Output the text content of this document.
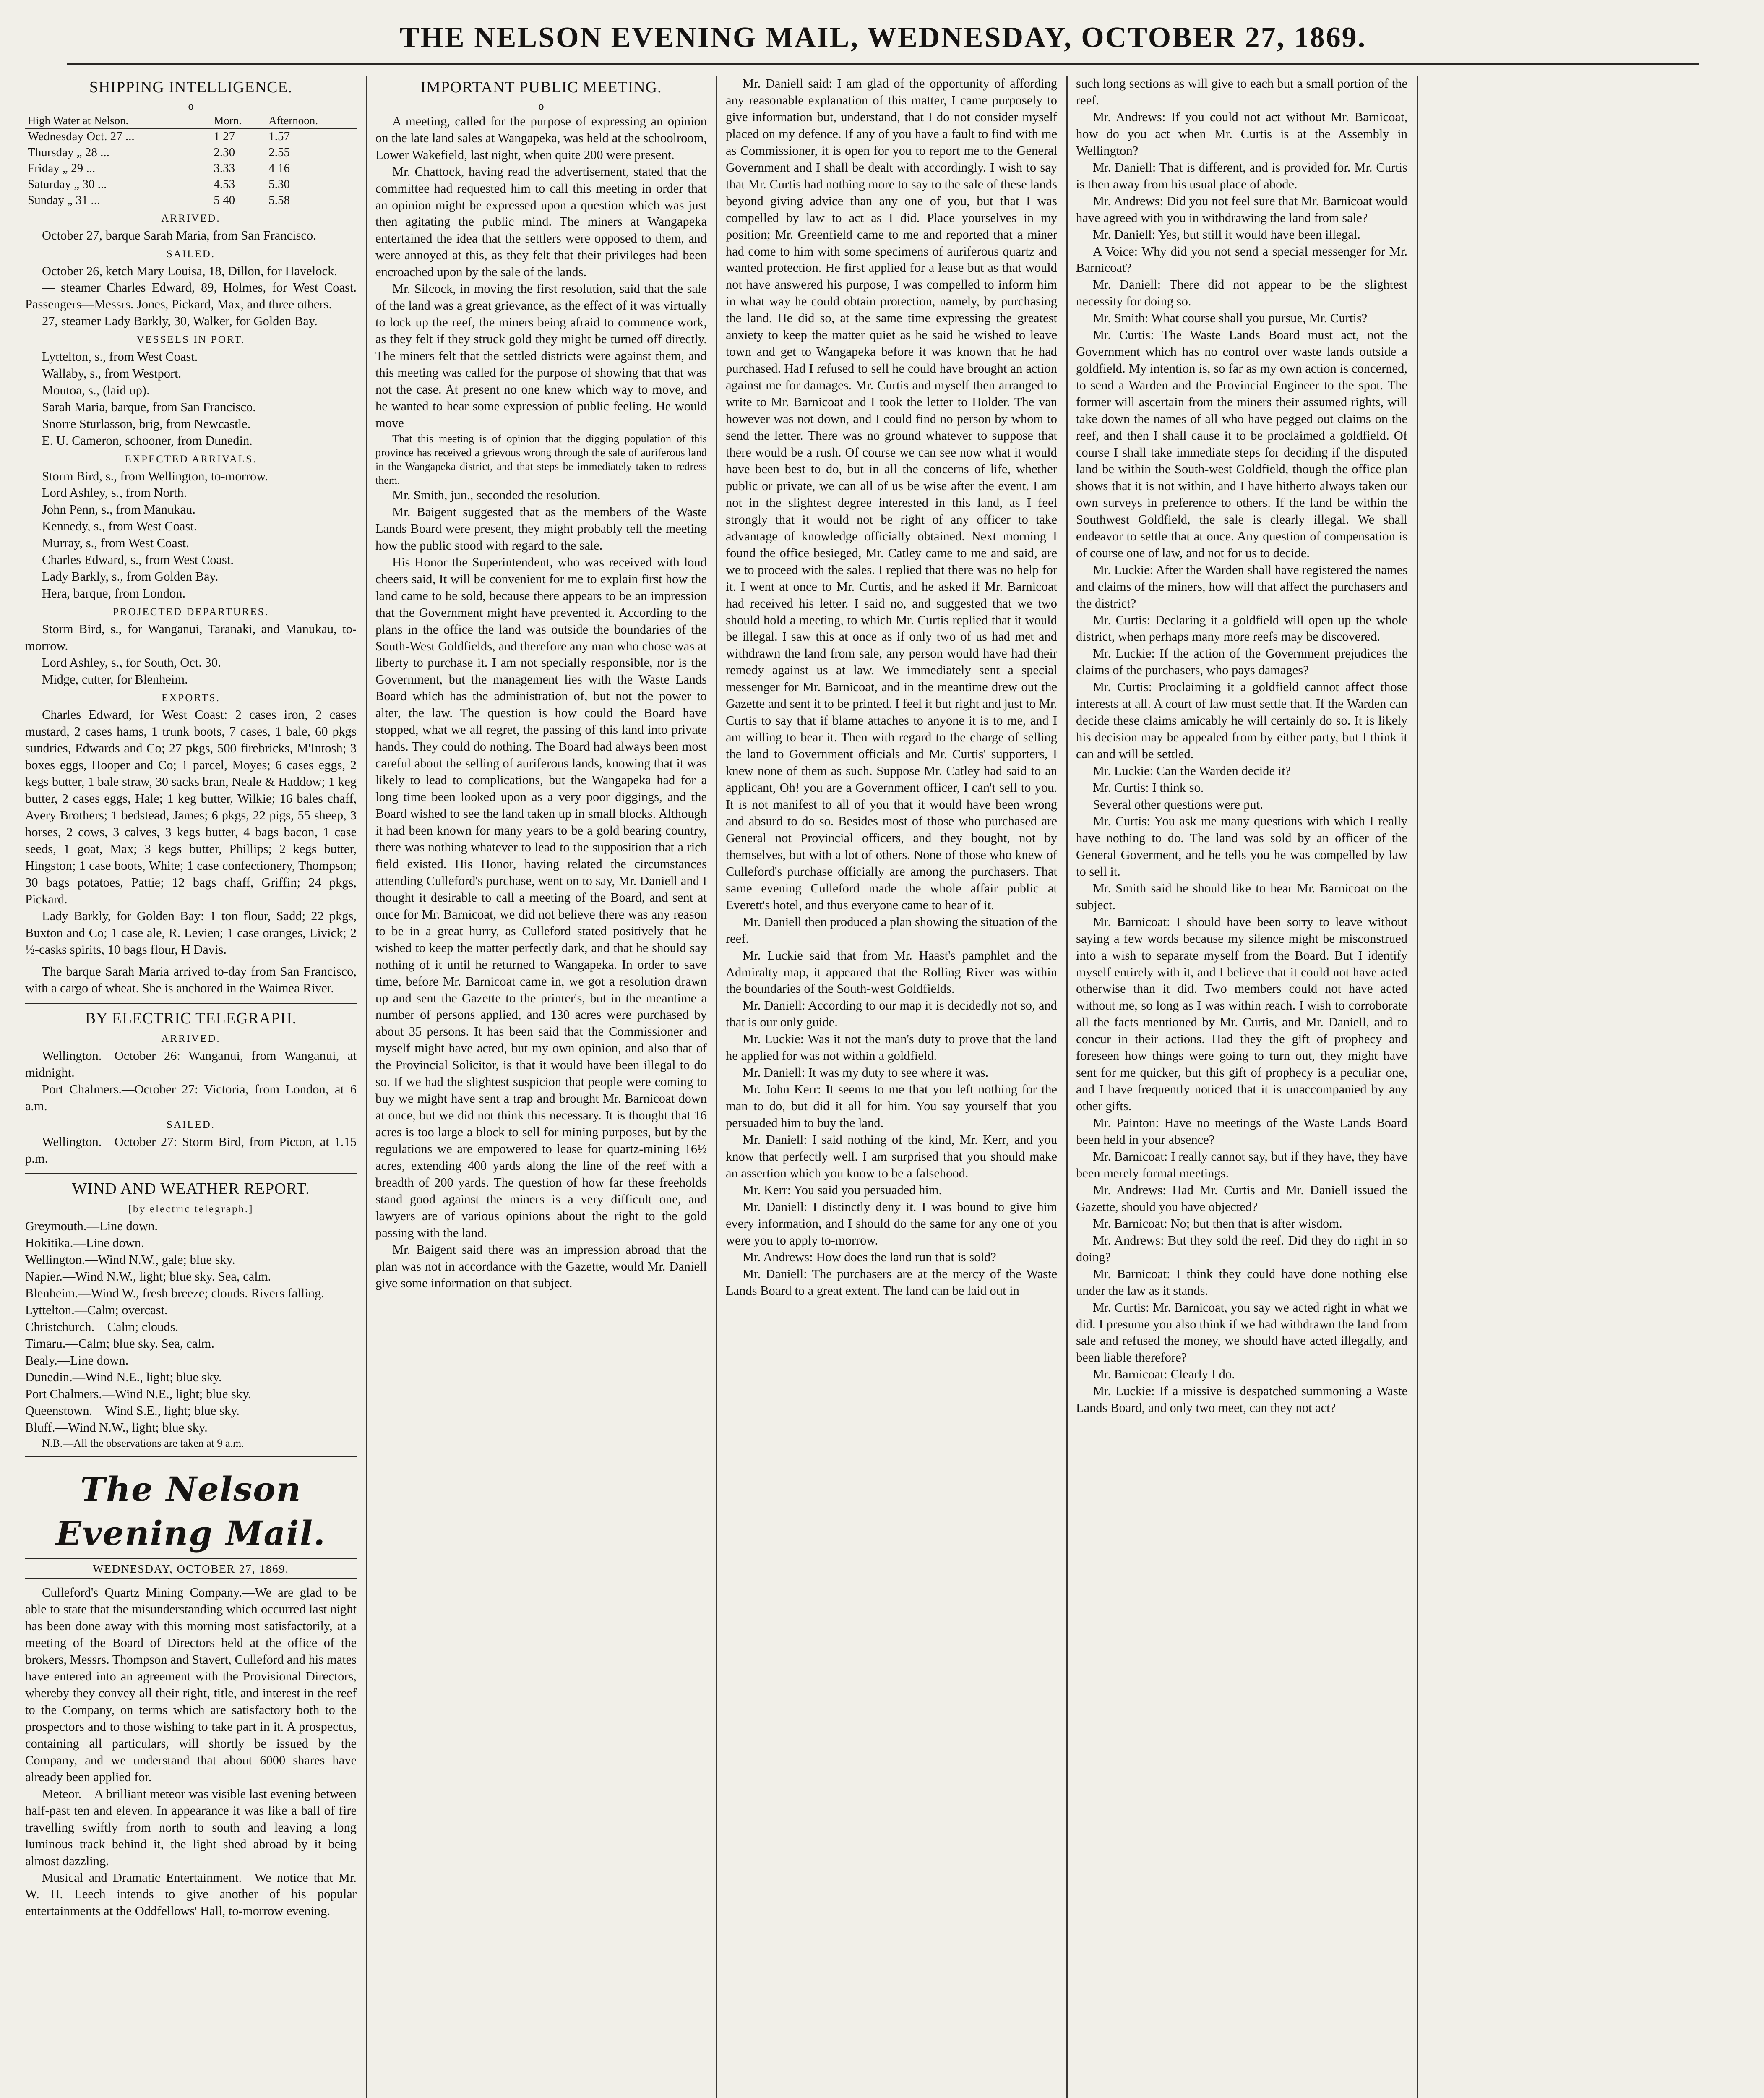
THE NELSON EVENING MAIL, WEDNESDAY, OCTOBER 27, 1869.
SHIPPING INTELLIGENCE.
——o——
High Water at Nelson.	Morn.	Afternoon.
Wednesday Oct. 27 ...	1 27	1.57
Thursday „ 28 ...	2.30	2.55
Friday „ 29 ...	3.33	4 16
Saturday „ 30 ...	4.53	5.30
Sunday „ 31 ...	5 40	5.58
ARRIVED.

October 27, barque Sarah Maria, from San Francisco.

SAILED.

October 26, ketch Mary Louisa, 18, Dillon, for Havelock.

— steamer Charles Edward, 89, Holmes, for West Coast. Passengers—Messrs. Jones, Pickard, Max, and three others.

27, steamer Lady Barkly, 30, Walker, for Golden Bay.

VESSELS IN PORT.

Lyttelton, s., from West Coast.

Wallaby, s., from Westport.

Moutoa, s., (laid up).

Sarah Maria, barque, from San Francisco.

Snorre Sturlasson, brig, from Newcastle.

E. U. Cameron, schooner, from Dunedin.

EXPECTED ARRIVALS.

Storm Bird, s., from Wellington, to-morrow.

Lord Ashley, s., from North.

John Penn, s., from Manukau.

Kennedy, s., from West Coast.

Murray, s., from West Coast.

Charles Edward, s., from West Coast.

Lady Barkly, s., from Golden Bay.

Hera, barque, from London.

PROJECTED DEPARTURES.

Storm Bird, s., for Wanganui, Taranaki, and Manukau, to-morrow.

Lord Ashley, s., for South, Oct. 30.

Midge, cutter, for Blenheim.

EXPORTS.

Charles Edward, for West Coast: 2 cases iron, 2 cases mustard, 2 cases hams, 1 trunk boots, 7 cases, 1 bale, 60 pkgs sundries, Edwards and Co; 27 pkgs, 500 firebricks, M'Intosh; 3 boxes eggs, Hooper and Co; 1 parcel, Moyes; 6 cases eggs, 2 kegs butter, 1 bale straw, 30 sacks bran, Neale & Haddow; 1 keg butter, 2 cases eggs, Hale; 1 keg butter, Wilkie; 16 bales chaff, Avery Brothers; 1 bedstead, James; 6 pkgs, 22 pigs, 55 sheep, 3 horses, 2 cows, 3 calves, 3 kegs butter, 4 bags bacon, 1 case seeds, 1 goat, Max; 3 kegs butter, Phillips; 2 kegs butter, Hingston; 1 case boots, White; 1 case confectionery, Thompson; 30 bags potatoes, Pattie; 12 bags chaff, Griffin; 24 pkgs, Pickard.

Lady Barkly, for Golden Bay: 1 ton flour, Sadd; 22 pkgs, Buxton and Co; 1 case ale, R. Levien; 1 case oranges, Livick; 2 ½-casks spirits, 10 bags flour, H Davis.

The barque Sarah Maria arrived to-day from San Francisco, with a cargo of wheat. She is anchored in the Waimea River.

BY ELECTRIC TELEGRAPH.
ARRIVED.

Wellington.—October 26: Wanganui, from Wanganui, at midnight.

Port Chalmers.—October 27: Victoria, from London, at 6 a.m.

SAILED.

Wellington.—October 27: Storm Bird, from Picton, at 1.15 p.m.

WIND AND WEATHER REPORT.
[by electric telegraph.]

Greymouth.—Line down.

Hokitika.—Line down.

Wellington.—Wind N.W., gale; blue sky.

Napier.—Wind N.W., light; blue sky. Sea, calm.

Blenheim.—Wind W., fresh breeze; clouds. Rivers falling.

Lyttelton.—Calm; overcast.

Christchurch.—Calm; clouds.

Timaru.—Calm; blue sky. Sea, calm.

Bealy.—Line down.

Dunedin.—Wind N.E., light; blue sky.

Port Chalmers.—Wind N.E., light; blue sky.

Queenstown.—Wind S.E., light; blue sky.

Bluff.—Wind N.W., light; blue sky.

N.B.—All the observations are taken at 9 a.m.

The Nelson Evening Mail.
WEDNESDAY, OCTOBER 27, 1869.

Culleford's Quartz Mining Company.—We are glad to be able to state that the misunderstanding which occurred last night has been done away with this morning most satisfactorily, at a meeting of the Board of Directors held at the office of the brokers, Messrs. Thompson and Stavert, Culleford and his mates have entered into an agreement with the Provisional Directors, whereby they convey all their right, title, and interest in the reef to the Company, on terms which are satisfactory both to the prospectors and to those wishing to take part in it. A prospectus, containing all particulars, will shortly be issued by the Company, and we understand that about 6000 shares have already been applied for.

Meteor.—A brilliant meteor was visible last evening between half-past ten and eleven. In appearance it was like a ball of fire travelling swiftly from north to south and leaving a long luminous track behind it, the light shed abroad by it being almost dazzling.

Musical and Dramatic Entertainment.—We notice that Mr. W. H. Leech intends to give another of his popular entertainments at the Oddfellows' Hall, to-morrow evening.

IMPORTANT PUBLIC MEETING.
——o——

A meeting, called for the purpose of expressing an opinion on the late land sales at Wangapeka, was held at the schoolroom, Lower Wakefield, last night, when quite 200 were present.

Mr. Chattock, having read the advertisement, stated that the committee had requested him to call this meeting in order that an opinion might be expressed upon a question which was just then agitating the public mind. The miners at Wangapeka entertained the idea that the settlers were opposed to them, and were annoyed at this, as they felt that their privileges had been encroached upon by the sale of the lands.

Mr. Silcock, in moving the first resolution, said that the sale of the land was a great grievance, as the effect of it was virtually to lock up the reef, the miners being afraid to commence work, as they felt if they struck gold they might be turned off directly. The miners felt that the settled districts were against them, and this meeting was called for the purpose of showing that that was not the case. At present no one knew which way to move, and he wanted to hear some expression of public feeling. He would move

That this meeting is of opinion that the digging population of this province has received a grievous wrong through the sale of auriferous land in the Wangapeka district, and that steps be immediately taken to redress them.

Mr. Smith, jun., seconded the resolution.

Mr. Baigent suggested that as the members of the Waste Lands Board were present, they might probably tell the meeting how the public stood with regard to the sale.

His Honor the Superintendent, who was received with loud cheers said, It will be convenient for me to explain first how the land came to be sold, because there appears to be an impression that the Government might have prevented it. According to the plans in the office the land was outside the boundaries of the South-West Goldfields, and therefore any man who chose was at liberty to purchase it. I am not specially responsible, nor is the Government, but the management lies with the Waste Lands Board which has the administration of, but not the power to alter, the law. The question is how could the Board have stopped, what we all regret, the passing of this land into private hands. They could do nothing. The Board had always been most careful about the selling of auriferous lands, knowing that it was likely to lead to complications, but the Wangapeka had for a long time been looked upon as a very poor diggings, and the Board wished to see the land taken up in small blocks. Although it had been known for many years to be a gold bearing country, there was nothing whatever to lead to the supposition that a rich field existed. His Honor, having related the circumstances attending Culleford's purchase, went on to say, Mr. Daniell and I thought it desirable to call a meeting of the Board, and sent at once for Mr. Barnicoat, we did not believe there was any reason to be in a great hurry, as Culleford stated positively that he wished to keep the matter perfectly dark, and that he should say nothing of it until he returned to Wangapeka. In order to save time, before Mr. Barnicoat came in, we got a resolution drawn up and sent the Gazette to the printer's, but in the meantime a number of persons applied, and 130 acres were purchased by about 35 persons. It has been said that the Commissioner and myself might have acted, but my own opinion, and also that of the Provincial Solicitor, is that it would have been illegal to do so. If we had the slightest suspicion that people were coming to buy we might have sent a trap and brought Mr. Barnicoat down at once, but we did not think this necessary. It is thought that 16 acres is too large a block to sell for mining purposes, but by the regulations we are empowered to lease for quartz-mining 16½ acres, extending 400 yards along the line of the reef with a breadth of 200 yards. The question of how far these freeholds stand good against the miners is a very difficult one, and lawyers are of various opinions about the right to the gold passing with the land.

Mr. Baigent said there was an impression abroad that the plan was not in accordance with the Gazette, would Mr. Daniell give some information on that subject.

Mr. Daniell said: I am glad of the opportunity of affording any reasonable explanation of this matter, I came purposely to give information but, understand, that I do not consider myself placed on my defence. If any of you have a fault to find with me as Commissioner, it is open for you to report me to the General Government and I shall be dealt with accordingly. I wish to say that Mr. Curtis had nothing more to say to the sale of these lands beyond giving advice than any one of you, but that I was compelled by law to act as I did. Place yourselves in my position; Mr. Greenfield came to me and reported that a miner had come to him with some specimens of auriferous quartz and wanted protection. He first applied for a lease but as that would not have answered his purpose, I was compelled to inform him in what way he could obtain protection, namely, by purchasing the land. He did so, at the same time expressing the greatest anxiety to keep the matter quiet as he said he wished to leave town and get to Wangapeka before it was known that he had purchased. Had I refused to sell he could have brought an action against me for damages. Mr. Curtis and myself then arranged to write to Mr. Barnicoat and I took the letter to Holder. The van however was not down, and I could find no person by whom to send the letter. There was no ground whatever to suppose that there would be a rush. Of course we can see now what it would have been best to do, but in all the concerns of life, whether public or private, we can all of us be wise after the event. I am not in the slightest degree interested in this land, as I feel strongly that it would not be right of any officer to take advantage of knowledge officially obtained. Next morning I found the office besieged, Mr. Catley came to me and said, are we to proceed with the sales. I replied that there was no help for it. I went at once to Mr. Curtis, and he asked if Mr. Barnicoat had received his letter. I said no, and suggested that we two should hold a meeting, to which Mr. Curtis replied that it would be illegal. I saw this at once as if only two of us had met and withdrawn the land from sale, any person would have had their remedy against us at law. We immediately sent a special messenger for Mr. Barnicoat, and in the meantime drew out the Gazette and sent it to be printed. I feel it but right and just to Mr. Curtis to say that if blame attaches to anyone it is to me, and I am willing to bear it. Then with regard to the charge of selling the land to Government officials and Mr. Curtis' supporters, I knew none of them as such. Suppose Mr. Catley had said to an applicant, Oh! you are a Government officer, I can't sell to you. It is not manifest to all of you that it would have been wrong and absurd to do so. Besides most of those who purchased are General not Provincial officers, and they bought, not by themselves, but with a lot of others. None of those who knew of Culleford's purchase officially are among the purchasers. That same evening Culleford made the whole affair public at Everett's hotel, and thus everyone came to hear of it.

Mr. Daniell then produced a plan showing the situation of the reef.

Mr. Luckie said that from Mr. Haast's pamphlet and the Admiralty map, it appeared that the Rolling River was within the boundaries of the South-west Goldfields.

Mr. Daniell: According to our map it is decidedly not so, and that is our only guide.

Mr. Luckie: Was it not the man's duty to prove that the land he applied for was not within a goldfield.

Mr. Daniell: It was my duty to see where it was.

Mr. John Kerr: It seems to me that you left nothing for the man to do, but did it all for him. You say yourself that you persuaded him to buy the land.

Mr. Daniell: I said nothing of the kind, Mr. Kerr, and you know that perfectly well. I am surprised that you should make an assertion which you know to be a falsehood.

Mr. Kerr: You said you persuaded him.

Mr. Daniell: I distinctly deny it. I was bound to give him every information, and I should do the same for any one of you were you to apply to-morrow.

Mr. Andrews: How does the land run that is sold?

Mr. Daniell: The purchasers are at the mercy of the Waste Lands Board to a great extent. The land can be laid out in

such long sections as will give to each but a small portion of the reef.

Mr. Andrews: If you could not act without Mr. Barnicoat, how do you act when Mr. Curtis is at the Assembly in Wellington?

Mr. Daniell: That is different, and is provided for. Mr. Curtis is then away from his usual place of abode.

Mr. Andrews: Did you not feel sure that Mr. Barnicoat would have agreed with you in withdrawing the land from sale?

Mr. Daniell: Yes, but still it would have been illegal.

A Voice: Why did you not send a special messenger for Mr. Barnicoat?

Mr. Daniell: There did not appear to be the slightest necessity for doing so.

Mr. Smith: What course shall you pursue, Mr. Curtis?

Mr. Curtis: The Waste Lands Board must act, not the Government which has no control over waste lands outside a goldfield. My intention is, so far as my own action is concerned, to send a Warden and the Provincial Engineer to the spot. The former will ascertain from the miners their assumed rights, will take down the names of all who have pegged out claims on the reef, and then I shall cause it to be proclaimed a goldfield. Of course I shall take immediate steps for deciding if the disputed land be within the South-west Goldfield, though the office plan shows that it is not within, and I have hitherto always taken our own surveys in preference to others. If the land be within the Southwest Goldfield, the sale is clearly illegal. We shall endeavor to settle that at once. Any question of compensation is of course one of law, and not for us to decide.

Mr. Luckie: After the Warden shall have registered the names and claims of the miners, how will that affect the purchasers and the district?

Mr. Curtis: Declaring it a goldfield will open up the whole district, when perhaps many more reefs may be discovered.

Mr. Luckie: If the action of the Government prejudices the claims of the purchasers, who pays damages?

Mr. Curtis: Proclaiming it a goldfield cannot affect those interests at all. A court of law must settle that. If the Warden can decide these claims amicably he will certainly do so. It is likely his decision may be appealed from by either party, but I think it can and will be settled.

Mr. Luckie: Can the Warden decide it?

Mr. Curtis: I think so.

Several other questions were put.

Mr. Curtis: You ask me many questions with which I really have nothing to do. The land was sold by an officer of the General Goverment, and he tells you he was compelled by law to sell it.

Mr. Smith said he should like to hear Mr. Barnicoat on the subject.

Mr. Barnicoat: I should have been sorry to leave without saying a few words because my silence might be misconstrued into a wish to separate myself from the Board. But I identify myself entirely with it, and I believe that it could not have acted otherwise than it did. Two members could not have acted without me, so long as I was within reach. I wish to corroborate all the facts mentioned by Mr. Curtis, and Mr. Daniell, and to concur in their actions. Had they the gift of prophecy and foreseen how things were going to turn out, they might have sent for me quicker, but this gift of prophecy is a peculiar one, and I have frequently noticed that it is unaccompanied by any other gifts.

Mr. Painton: Have no meetings of the Waste Lands Board been held in your absence?

Mr. Barnicoat: I really cannot say, but if they have, they have been merely formal meetings.

Mr. Andrews: Had Mr. Curtis and Mr. Daniell issued the Gazette, should you have objected?

Mr. Barnicoat: No; but then that is after wisdom.

Mr. Andrews: But they sold the reef. Did they do right in so doing?

Mr. Barnicoat: I think they could have done nothing else under the law as it stands.

Mr. Curtis: Mr. Barnicoat, you say we acted right in what we did. I presume you also think if we had withdrawn the land from sale and refused the money, we should have acted illegally, and been liable therefore?

Mr. Barnicoat: Clearly I do.

Mr. Luckie: If a missive is despatched summoning a Waste Lands Board, and only two meet, can they not act?
